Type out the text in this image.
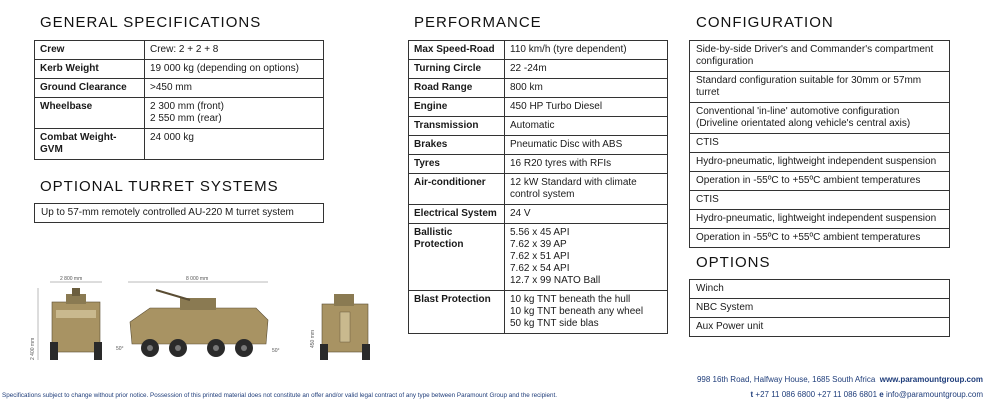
GENERAL SPECIFICATIONS
Crew	Crew: 2 + 2 + 8

Kerb Weight	19 000 kg (depending on options)

Ground Clearance	>450 mm

Wheelbase	2 300 mm (front)
2 550 mm (rear)

Combat Weight-GVM	24 000 kg
OPTIONAL TURRET SYSTEMS
Up to 57-mm remotely controlled AU-220 M turret system
PERFORMANCE
Max Speed-Road	110 km/h (tyre dependent)

Turning Circle	22 -24m

Road Range	800 km

Engine	450 HP Turbo Diesel

Transmission	Automatic

Brakes	Pneumatic Disc with ABS

Tyres	16 R20 tyres with RFIs

Air-conditioner	12 kW Standard with climate
control system

Electrical System	24 V

Ballistic Protection	5.56 x 45 API
7.62 x 39 AP
7.62 x 51 API
7.62 x 54 API
12.7 x 99 NATO Ball

Blast Protection	10 kg TNT beneath the hull
10 kg TNT beneath any wheel
50 kg TNT side blas
CONFIGURATION
Side-by-side Driver's and Commander's compartment configuration
Standard configuration suitable for 30mm or 57mm turret
Conventional 'in-line' automotive configuration (Driveline orientated along vehicle's central axis)
CTIS
Hydro-pneumatic, lightweight independent suspension
Operation in -55ºC to +55ºC ambient temperatures
CTIS
Hydro-pneumatic, lightweight independent suspension
Operation in -55ºC to +55ºC ambient temperatures
OPTIONS
Winch
NBC System
Aux Power unit
2 800 mm
2 400 mm
8 000 mm
50°	50°
450 mm
Specifications subject to change without prior notice. Possession of this printed material does not constitute an offer and/or valid legal contract of any type between Paramount Group and the recipient.
998 16th Road, Halfway House, 1685 South Africa www.paramountgroup.com
t +27 11 086 6800 +27 11 086 6801 e info@paramountgroup.com
